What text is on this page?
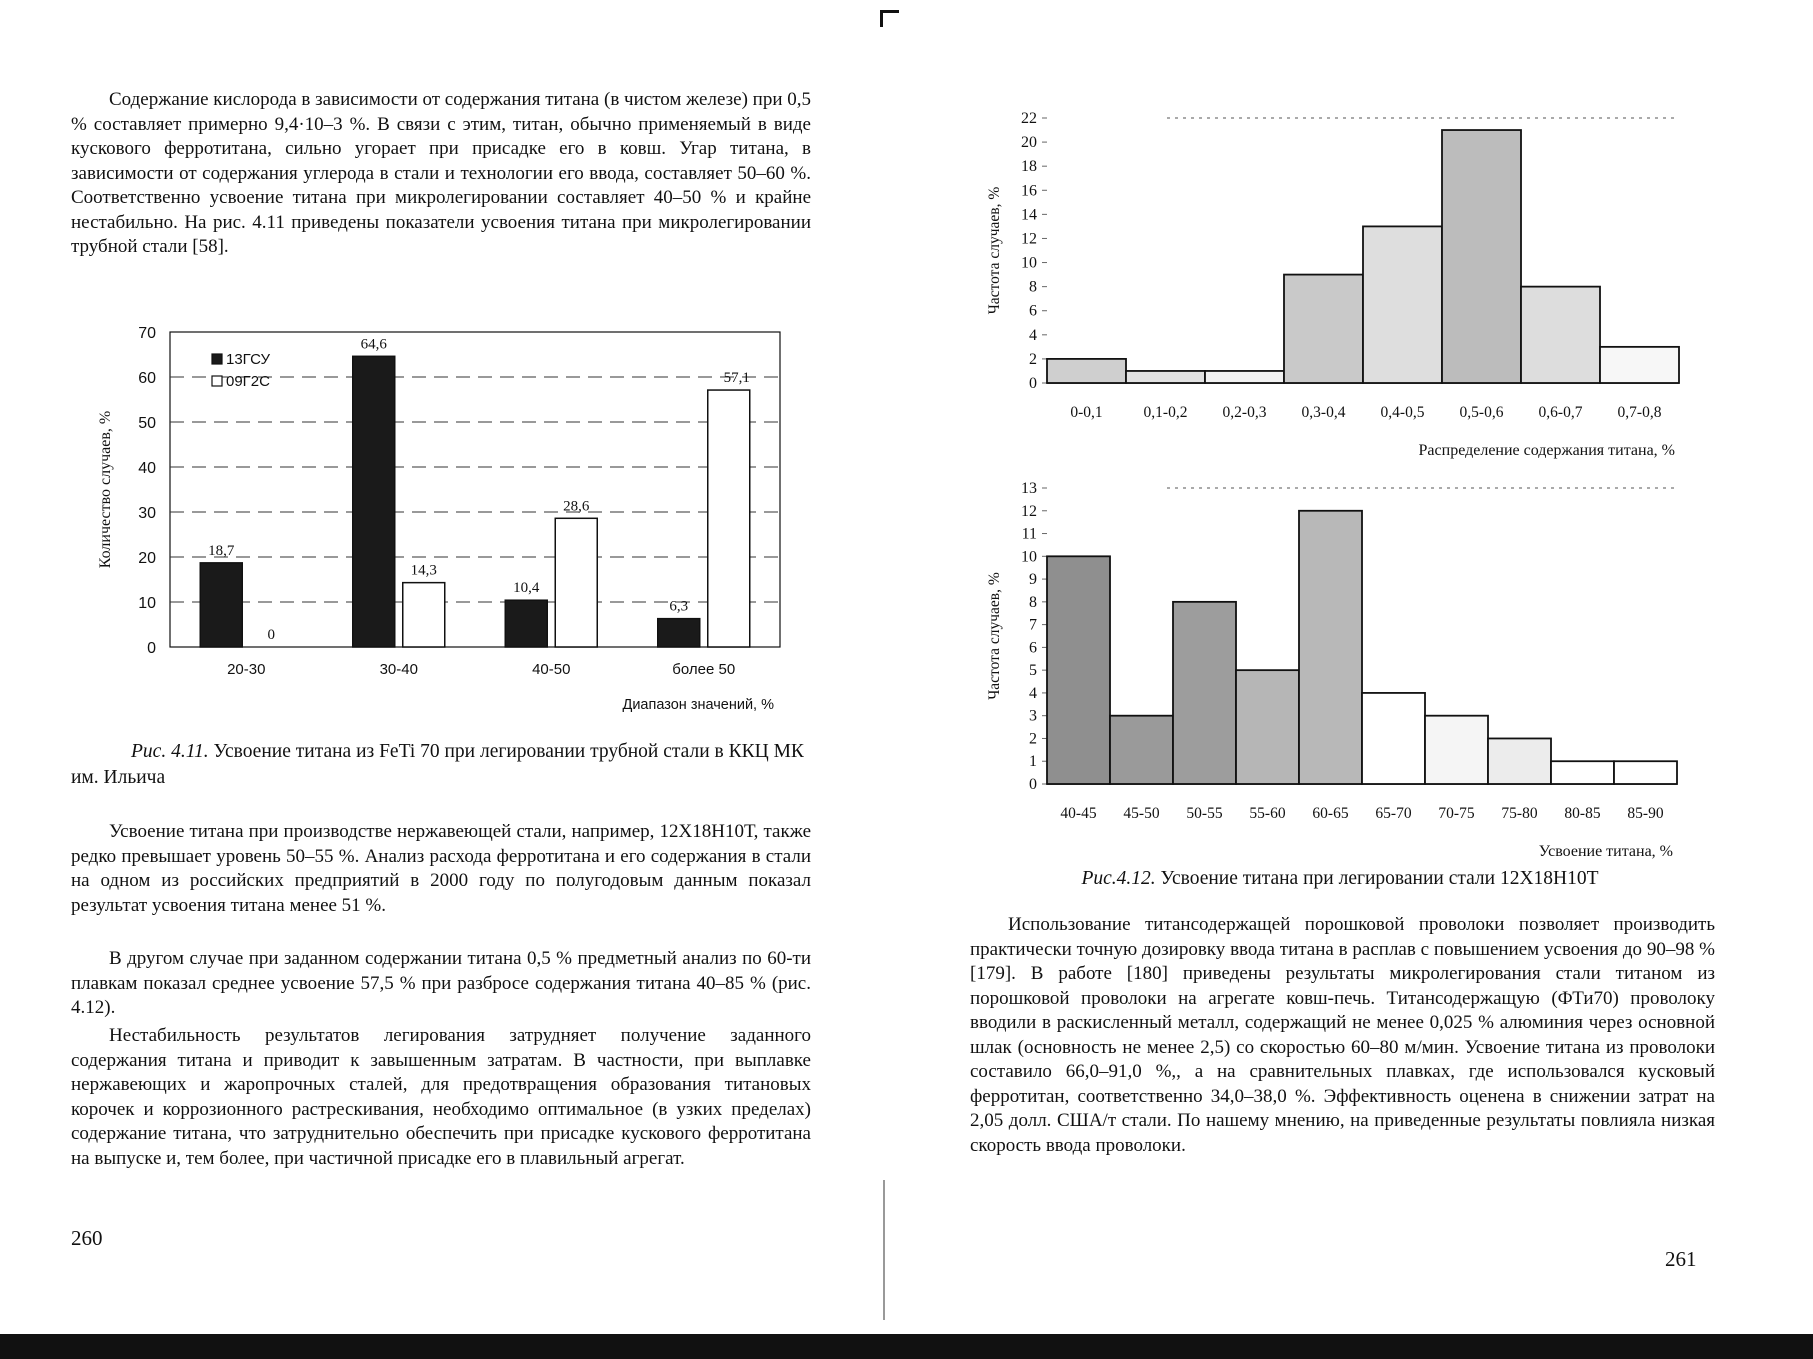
Содержание кислорода в зависимости от содержания титана (в чистом железе) при 0,5 % составляет примерно 9,4·10–3 %. В связи с этим, титан, обычно применяемый в виде кускового ферротитана, сильно угорает при присадке его в ковш. Угар титана, в зависимости от содержания углерода в стали и технологии его ввода, составляет 50–60 %. Соответственно усвоение титана при микролегировании составляет 40–50 % и крайне нестабильно. На рис. 4.11 приведены показатели усвоения титана при микролегировании трубной стали [58].

0
10
20
30
40
50
60
70
Количество случаев, %
20-30
18,7
0
30-40
64,6
14,3
40-50
10,4
28,6
более 50
6,3
57,1
Диапазон значений, %
13ГСУ
09Г2С

Рис. 4.11. Усвоение титана из FeTi 70 при легировании трубной стали в ККЦ МК им. Ильича

Усвоение титана при производстве нержавеющей стали, например, 12Х18Н10Т, также редко превышает уровень 50–55 %. Анализ расхода ферротитана и его содержания в стали на одном из российских предприятий в 2000 году по полугодовым данным показал результат усвоения титана менее 51 %.

В другом случае при заданном содержании титана 0,5 % предметный анализ по 60-ти плавкам показал среднее усвоение 57,5 % при разбросе содержания титана 40–85 % (рис. 4.12).

Нестабильность результатов легирования затрудняет получение заданного содержания титана и приводит к завышенным затратам. В частности, при выплавке нержавеющих и жаропрочных сталей, для предотвращения образования титановых корочек и коррозионного растрескивания, необходимо оптимальное (в узких пределах) содержание титана, что затруднительно обеспечить при присадке кускового ферротитана на выпуске и, тем более, при частичной присадке его в плавильный агрегат.

260

0
2
4
6
8
10
12
14
16
18
20
22
Частота случаев, %
0-0,1	0,1-0,2 0,2-0,3 0,3-0,4 0,4-0,5 0,5-0,6 0,6-0,7 0,7-0,8
Распределение содержания титана, %
0
1
2
3
4
5
6
7
8
9
10
11
12
13
Частота случаев, %
40-45 45-50 50-55 55-60 60-65 65-70 70-75 75-80 80-85 85-90
Усвоение титана, %

Рис.4.12. Усвоение титана при легировании стали 12Х18Н10Т

Использование титансодержащей порошковой проволоки позволяет производить практически точную дозировку ввода титана в расплав с повышением усвоения до 90–98 % [179]. В работе [180] приведены результаты микролегирования стали титаном из порошковой проволоки на агрегате ковш-печь. Титансодержащую (ФТи70) проволоку вводили в раскисленный металл, содержащий не менее 0,025 % алюминия через основной шлак (основность не менее 2,5) со скоростью 60–80 м/мин. Усвоение титана из проволоки составило 66,0–91,0 %,, а на сравнительных плавках, где использовался кусковый ферротитан, соответственно 34,0–38,0 %. Эффективность оценена в снижении затрат на 2,05 долл. США/т стали. По нашему мнению, на приведенные результаты повлияла низкая скорость ввода проволоки.

261
